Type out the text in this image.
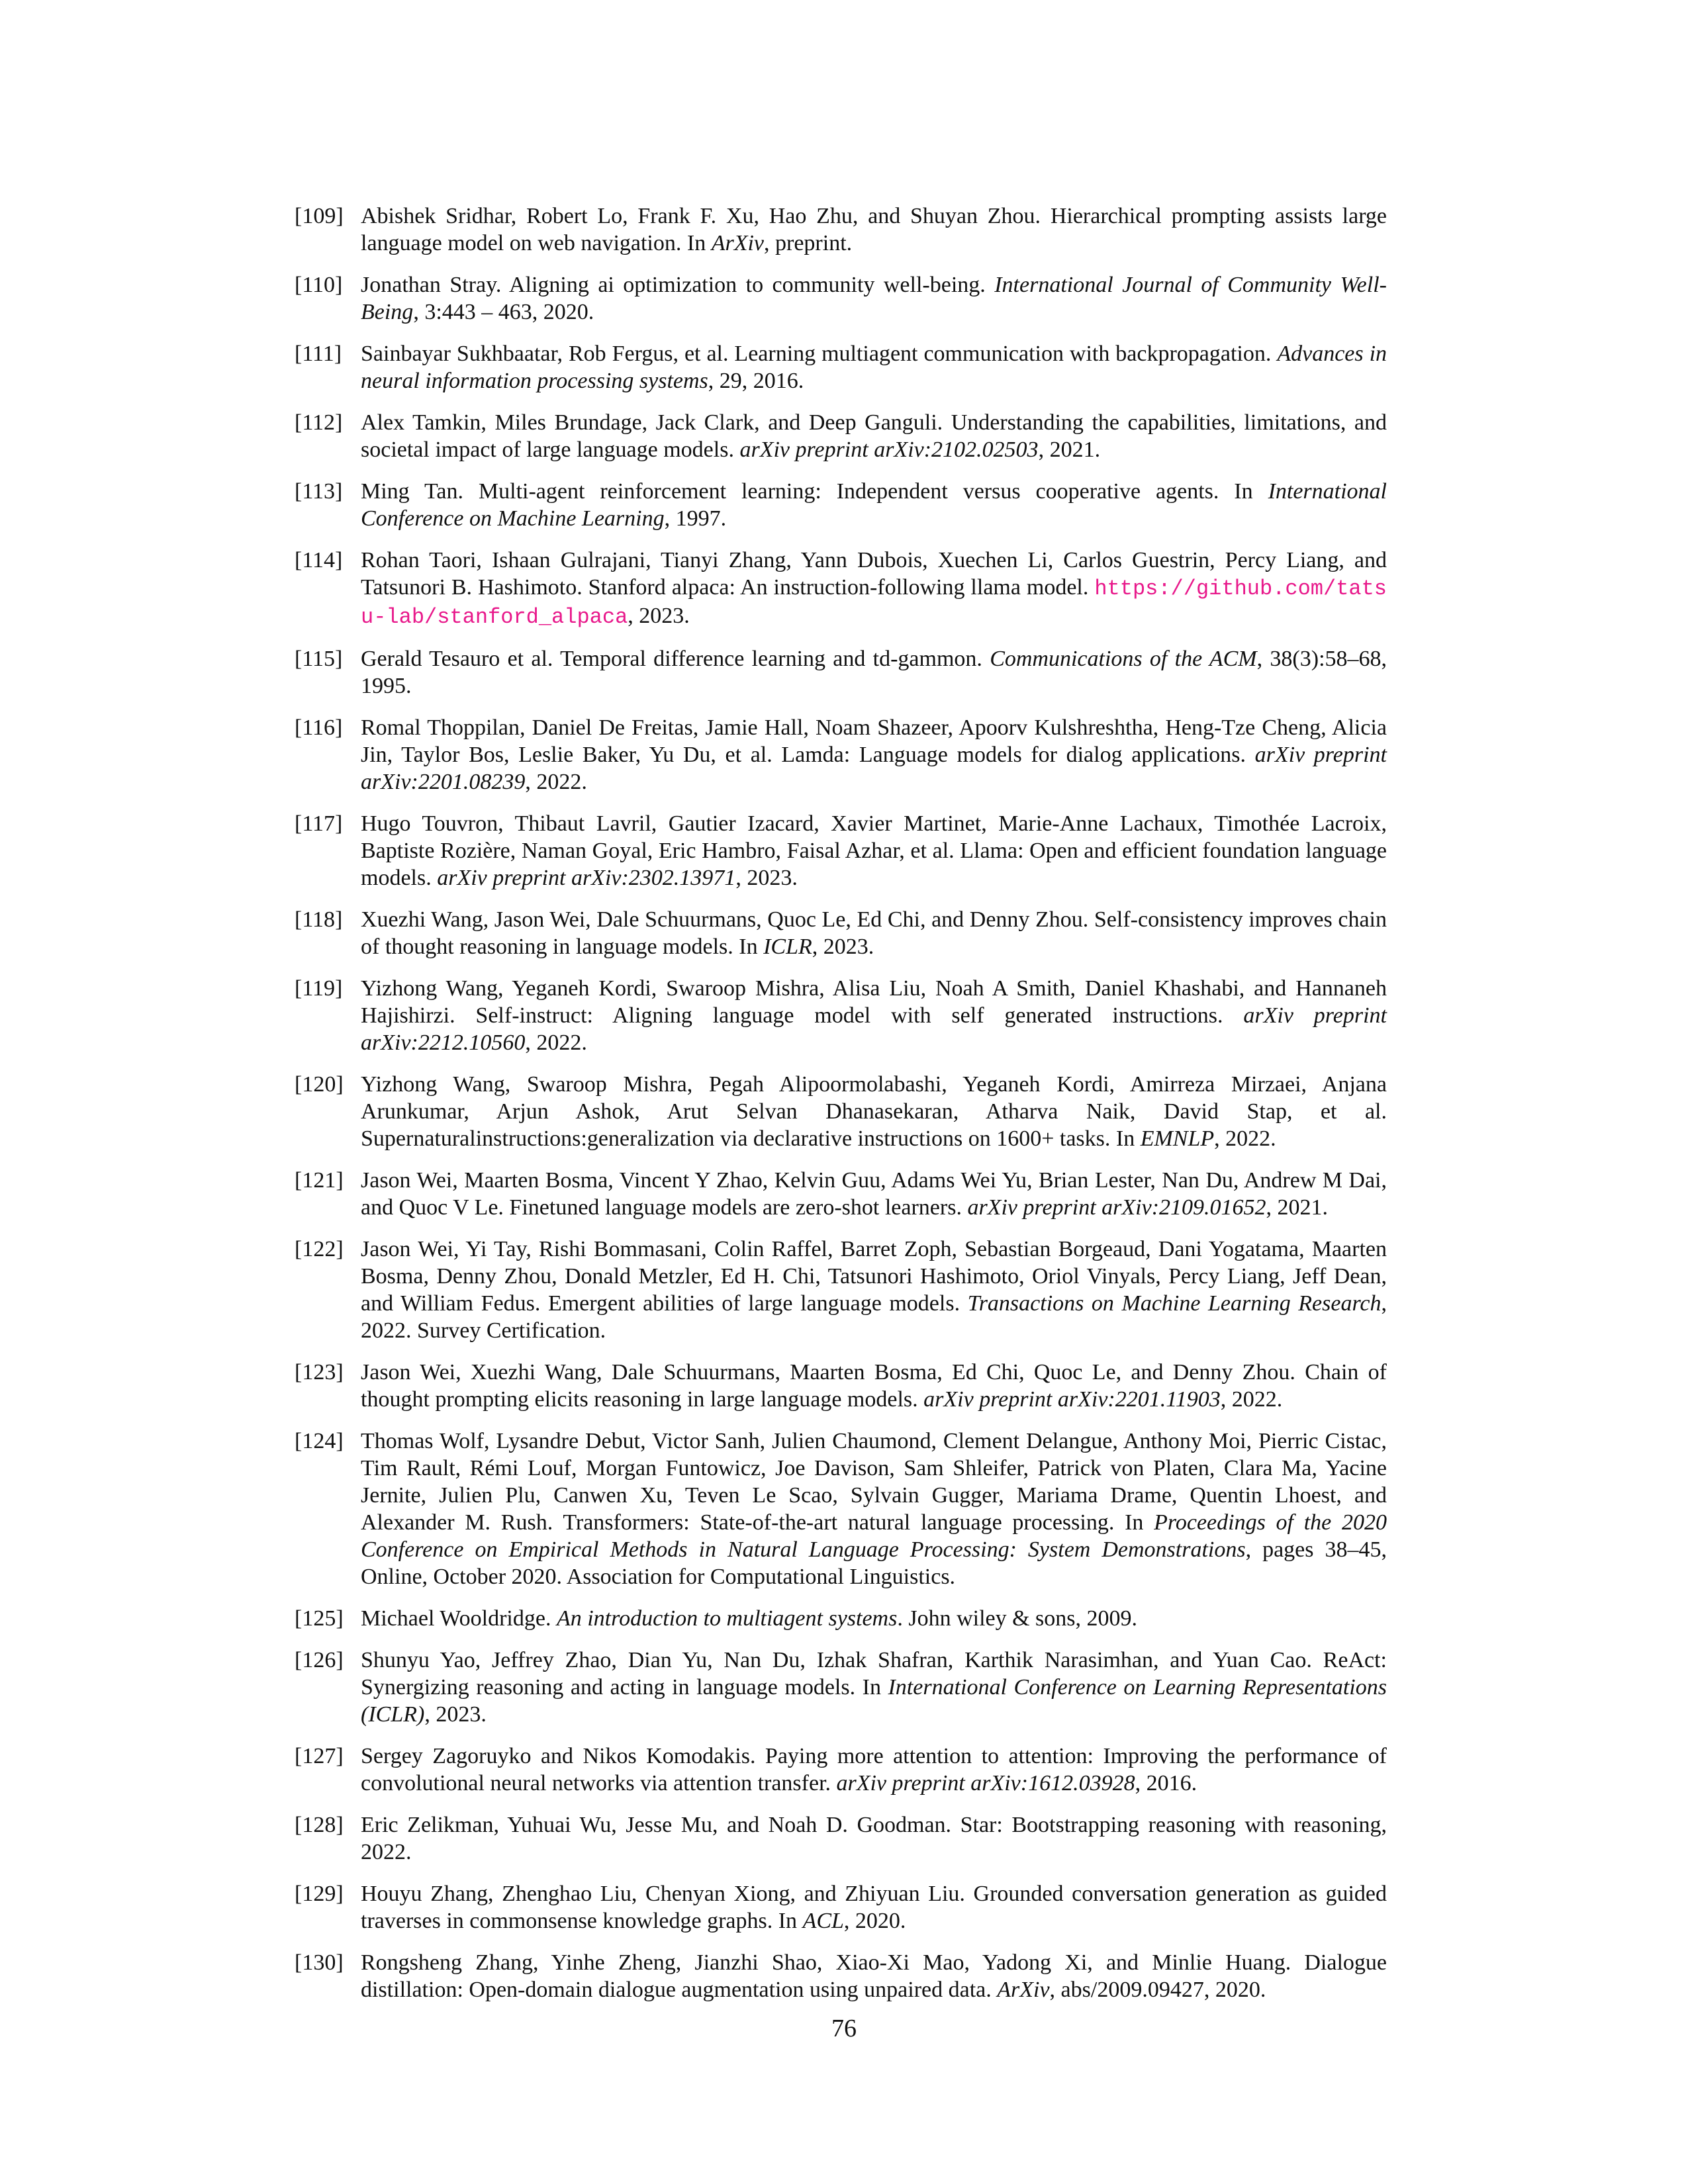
[109] Abishek Sridhar, Robert Lo, Frank F. Xu, Hao Zhu, and Shuyan Zhou. Hierarchical prompting assists large language model on web navigation. In ArXiv, preprint.
[110] Jonathan Stray. Aligning ai optimization to community well-being. International Journal of Community Well-Being, 3:443 – 463, 2020.
[111] Sainbayar Sukhbaatar, Rob Fergus, et al. Learning multiagent communication with backpropagation. Advances in neural information processing systems, 29, 2016.
[112] Alex Tamkin, Miles Brundage, Jack Clark, and Deep Ganguli. Understanding the capabilities, limitations, and societal impact of large language models. arXiv preprint arXiv:2102.02503, 2021.
[113] Ming Tan. Multi-agent reinforcement learning: Independent versus cooperative agents. In International Conference on Machine Learning, 1997.
[114] Rohan Taori, Ishaan Gulrajani, Tianyi Zhang, Yann Dubois, Xuechen Li, Carlos Guestrin, Percy Liang, and Tatsunori B. Hashimoto. Stanford alpaca: An instruction-following llama model. https://github.com/tatsu-lab/stanford_alpaca, 2023.
[115] Gerald Tesauro et al. Temporal difference learning and td-gammon. Communications of the ACM, 38(3):58–68, 1995.
[116] Romal Thoppilan, Daniel De Freitas, Jamie Hall, Noam Shazeer, Apoorv Kulshreshtha, Heng-Tze Cheng, Alicia Jin, Taylor Bos, Leslie Baker, Yu Du, et al. Lamda: Language models for dialog applications. arXiv preprint arXiv:2201.08239, 2022.
[117] Hugo Touvron, Thibaut Lavril, Gautier Izacard, Xavier Martinet, Marie-Anne Lachaux, Timothée Lacroix, Baptiste Rozière, Naman Goyal, Eric Hambro, Faisal Azhar, et al. Llama: Open and efficient foundation language models. arXiv preprint arXiv:2302.13971, 2023.
[118] Xuezhi Wang, Jason Wei, Dale Schuurmans, Quoc Le, Ed Chi, and Denny Zhou. Self-consistency improves chain of thought reasoning in language models. In ICLR, 2023.
[119] Yizhong Wang, Yeganeh Kordi, Swaroop Mishra, Alisa Liu, Noah A Smith, Daniel Khashabi, and Hannaneh Hajishirzi. Self-instruct: Aligning language model with self generated instructions. arXiv preprint arXiv:2212.10560, 2022.
[120] Yizhong Wang, Swaroop Mishra, Pegah Alipoormolabashi, Yeganeh Kordi, Amirreza Mirzaei, Anjana Arunkumar, Arjun Ashok, Arut Selvan Dhanasekaran, Atharva Naik, David Stap, et al. Supernaturalinstructions:generalization via declarative instructions on 1600+ tasks. In EMNLP, 2022.
[121] Jason Wei, Maarten Bosma, Vincent Y Zhao, Kelvin Guu, Adams Wei Yu, Brian Lester, Nan Du, Andrew M Dai, and Quoc V Le. Finetuned language models are zero-shot learners. arXiv preprint arXiv:2109.01652, 2021.
[122] Jason Wei, Yi Tay, Rishi Bommasani, Colin Raffel, Barret Zoph, Sebastian Borgeaud, Dani Yogatama, Maarten Bosma, Denny Zhou, Donald Metzler, Ed H. Chi, Tatsunori Hashimoto, Oriol Vinyals, Percy Liang, Jeff Dean, and William Fedus. Emergent abilities of large language models. Transactions on Machine Learning Research, 2022. Survey Certification.
[123] Jason Wei, Xuezhi Wang, Dale Schuurmans, Maarten Bosma, Ed Chi, Quoc Le, and Denny Zhou. Chain of thought prompting elicits reasoning in large language models. arXiv preprint arXiv:2201.11903, 2022.
[124] Thomas Wolf, Lysandre Debut, Victor Sanh, Julien Chaumond, Clement Delangue, Anthony Moi, Pierric Cistac, Tim Rault, Rémi Louf, Morgan Funtowicz, Joe Davison, Sam Shleifer, Patrick von Platen, Clara Ma, Yacine Jernite, Julien Plu, Canwen Xu, Teven Le Scao, Sylvain Gugger, Mariama Drame, Quentin Lhoest, and Alexander M. Rush. Transformers: State-of-the-art natural language processing. In Proceedings of the 2020 Conference on Empirical Methods in Natural Language Processing: System Demonstrations, pages 38–45, Online, October 2020. Association for Computational Linguistics.
[125] Michael Wooldridge. An introduction to multiagent systems. John wiley & sons, 2009.
[126] Shunyu Yao, Jeffrey Zhao, Dian Yu, Nan Du, Izhak Shafran, Karthik Narasimhan, and Yuan Cao. ReAct: Synergizing reasoning and acting in language models. In International Conference on Learning Representations (ICLR), 2023.
[127] Sergey Zagoruyko and Nikos Komodakis. Paying more attention to attention: Improving the performance of convolutional neural networks via attention transfer. arXiv preprint arXiv:1612.03928, 2016.
[128] Eric Zelikman, Yuhuai Wu, Jesse Mu, and Noah D. Goodman. Star: Bootstrapping reasoning with reasoning, 2022.
[129] Houyu Zhang, Zhenghao Liu, Chenyan Xiong, and Zhiyuan Liu. Grounded conversation generation as guided traverses in commonsense knowledge graphs. In ACL, 2020.
[130] Rongsheng Zhang, Yinhe Zheng, Jianzhi Shao, Xiao-Xi Mao, Yadong Xi, and Minlie Huang. Dialogue distillation: Open-domain dialogue augmentation using unpaired data. ArXiv, abs/2009.09427, 2020.
76
